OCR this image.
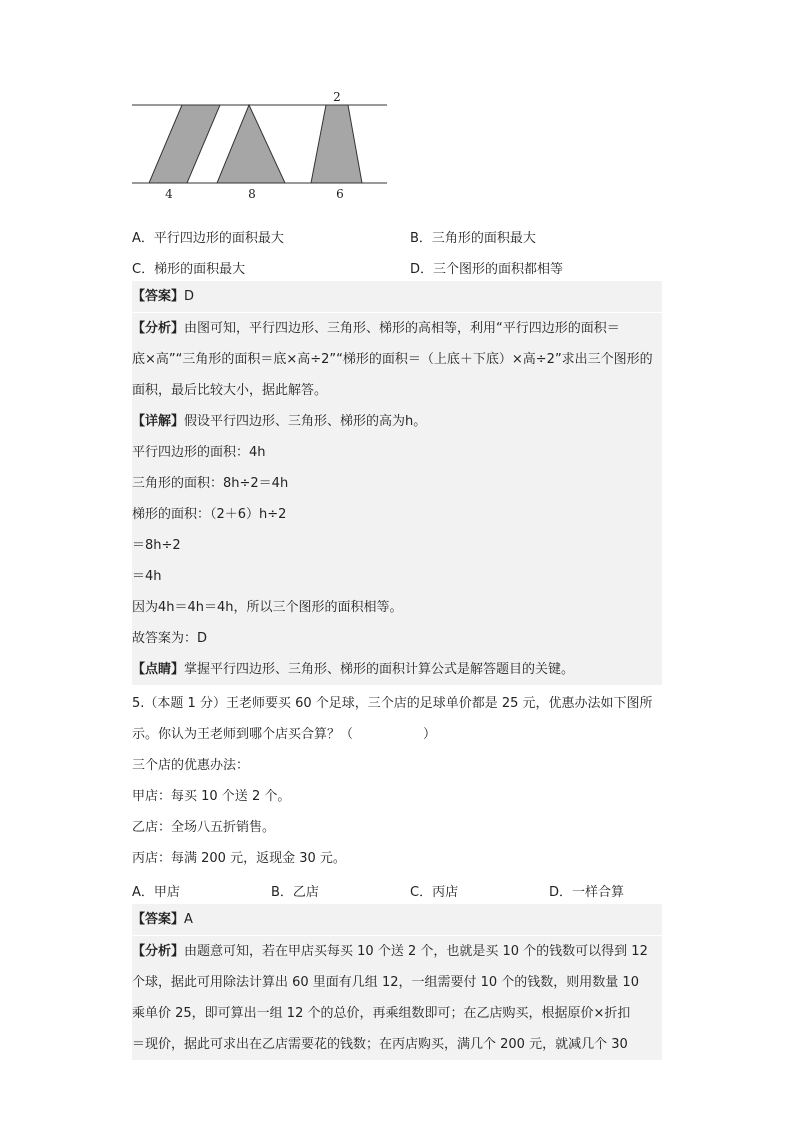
2
4	8	6
A．平行四边形的面积最大	B．三角形的面积最大
C．梯形的面积最大	D．三个图形的面积都相等
【答案】D
【分析】由图可知，平行四边形、三角形、梯形的高相等，利用“平行四边形的面积＝
底×高”“三角形的面积＝底×高÷2”“梯形的面积＝（上底＋下底）×高÷2”求出三个图形的
面积，最后比较大小，据此解答。
【详解】假设平行四边形、三角形、梯形的高为h。
平行四边形的面积：4h
三角形的面积：8h÷2＝4h
梯形的面积：（2＋6）h÷2
＝8h÷2
＝4h
因为4h＝4h＝4h，所以三个图形的面积相等。
故答案为：D
【点睛】掌握平行四边形、三角形、梯形的面积计算公式是解答题目的关键。
5.（本题 1 分）王老师要买 60 个足球，三个店的足球单价都是 25 元，优惠办法如下图所
示。你认为王老师到哪个店买合算？（	）
三个店的优惠办法：
甲店：每买 10 个送 2 个。
乙店：全场八五折销售。
丙店：每满 200 元，返现金 30 元。
A．甲店	B．乙店	C．丙店	D．一样合算
【答案】A
【分析】由题意可知，若在甲店买每买 10 个送 2 个，也就是买 10 个的钱数可以得到 12
个球，据此可用除法计算出 60 里面有几组 12，一组需要付 10 个的钱数，则用数量 10
乘单价 25，即可算出一组 12 个的总价，再乘组数即可；在乙店购买，根据原价×折扣
＝现价，据此可求出在乙店需要花的钱数；在丙店购买，满几个 200 元，就减几个 30
